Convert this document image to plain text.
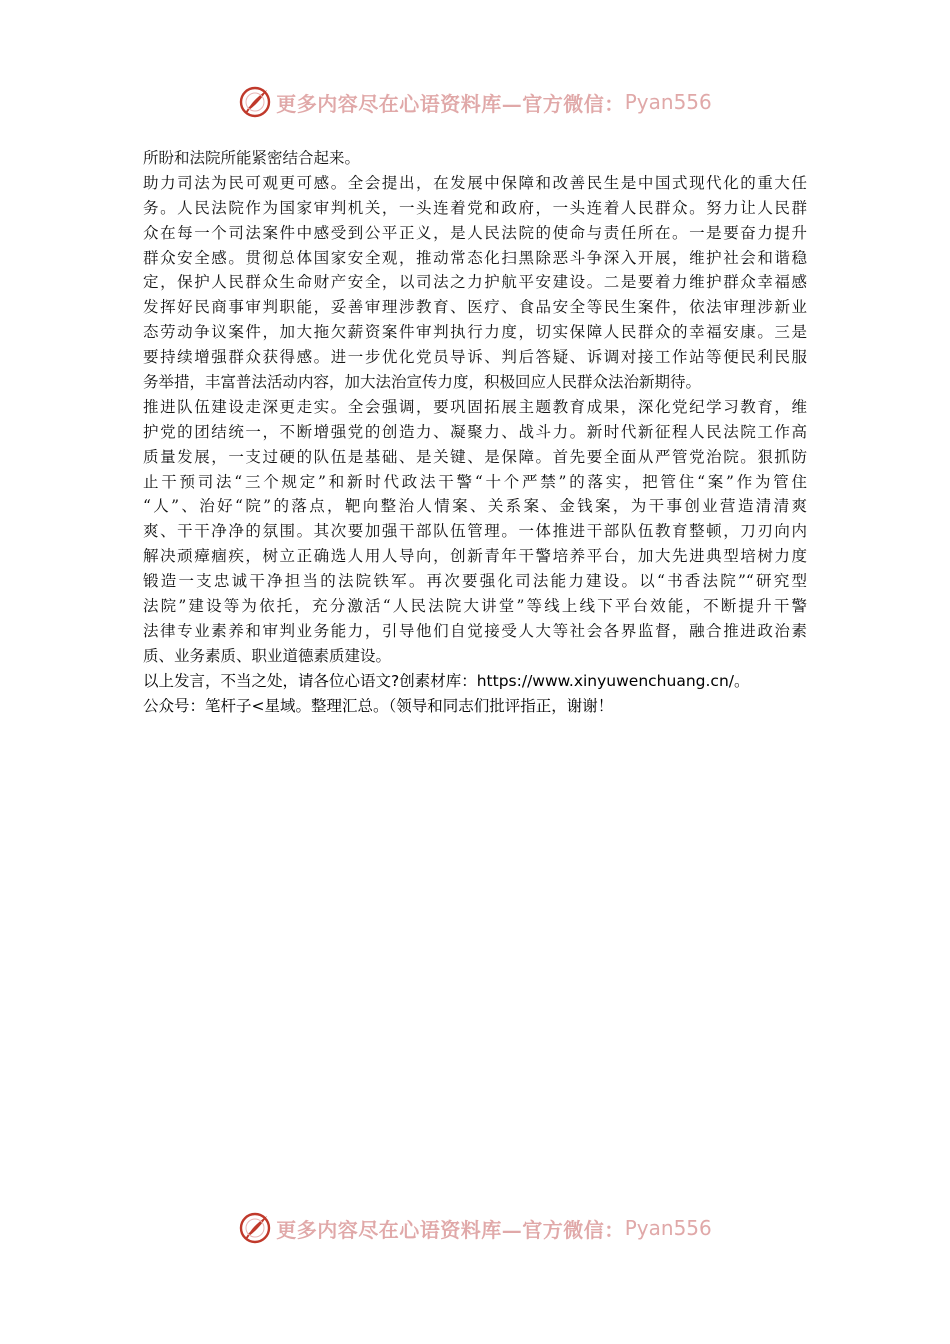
更多内容尽在心语资料库—官方微信： Pyan556
所盼和法院所能紧密结合起来。
助力司法为民可观更可感。全会提出，在发展中保障和改善民生是中国式现代化的重大任
务。人民法院作为国家审判机关，一头连着党和政府，一头连着人民群众。努力让人民群
众在每一个司法案件中感受到公平正义，是人民法院的使命与责任所在。一是要奋力提升
群众安全感。贯彻总体国家安全观，推动常态化扫黑除恶斗争深入开展，维护社会和谐稳
定，保护人民群众生命财产安全，以司法之力护航平安建设。二是要着力维护群众幸福感
发挥好民商事审判职能，妥善审理涉教育、医疗、食品安全等民生案件，依法审理涉新业
态劳动争议案件，加大拖欠薪资案件审判执行力度，切实保障人民群众的幸福安康。三是
要持续增强群众获得感。进一步优化党员导诉、判后答疑、诉调对接工作站等便民利民服
务举措，丰富普法活动内容，加大法治宣传力度，积极回应人民群众法治新期待。
推进队伍建设走深更走实。全会强调，要巩固拓展主题教育成果，深化党纪学习教育，维
护党的团结统一，不断增强党的创造力、凝聚力、战斗力。新时代新征程人民法院工作高
质量发展，一支过硬的队伍是基础、是关键、是保障。首先要全面从严管党治院。狠抓防
止干预司法“三个规定”和新时代政法干警“十个严禁”的落实，把管住“案”作为管住
“人”、治好“院”的落点，靶向整治人情案、关系案、金钱案，为干事创业营造清清爽
爽、干干净净的氛围。其次要加强干部队伍管理。一体推进干部队伍教育整顿，刀刃向内
解决顽瘴痼疾，树立正确选人用人导向，创新青年干警培养平台，加大先进典型培树力度
锻造一支忠诚干净担当的法院铁军。再次要强化司法能力建设。以“书香法院”“研究型
法院”建设等为依托，充分激活“人民法院大讲堂”等线上线下平台效能，不断提升干警
法律专业素养和审判业务能力，引导他们自觉接受人大等社会各界监督，融合推进政治素
质、业务素质、职业道德素质建设。
以上发言，不当之处，请各位心语文?创素材库：https://www.xinyuwenchuang.cn/。
公众号：笔杆子<星域。整理汇总。（领导和同志们批评指正，谢谢！
更多内容尽在心语资料库—官方微信： Pyan556
